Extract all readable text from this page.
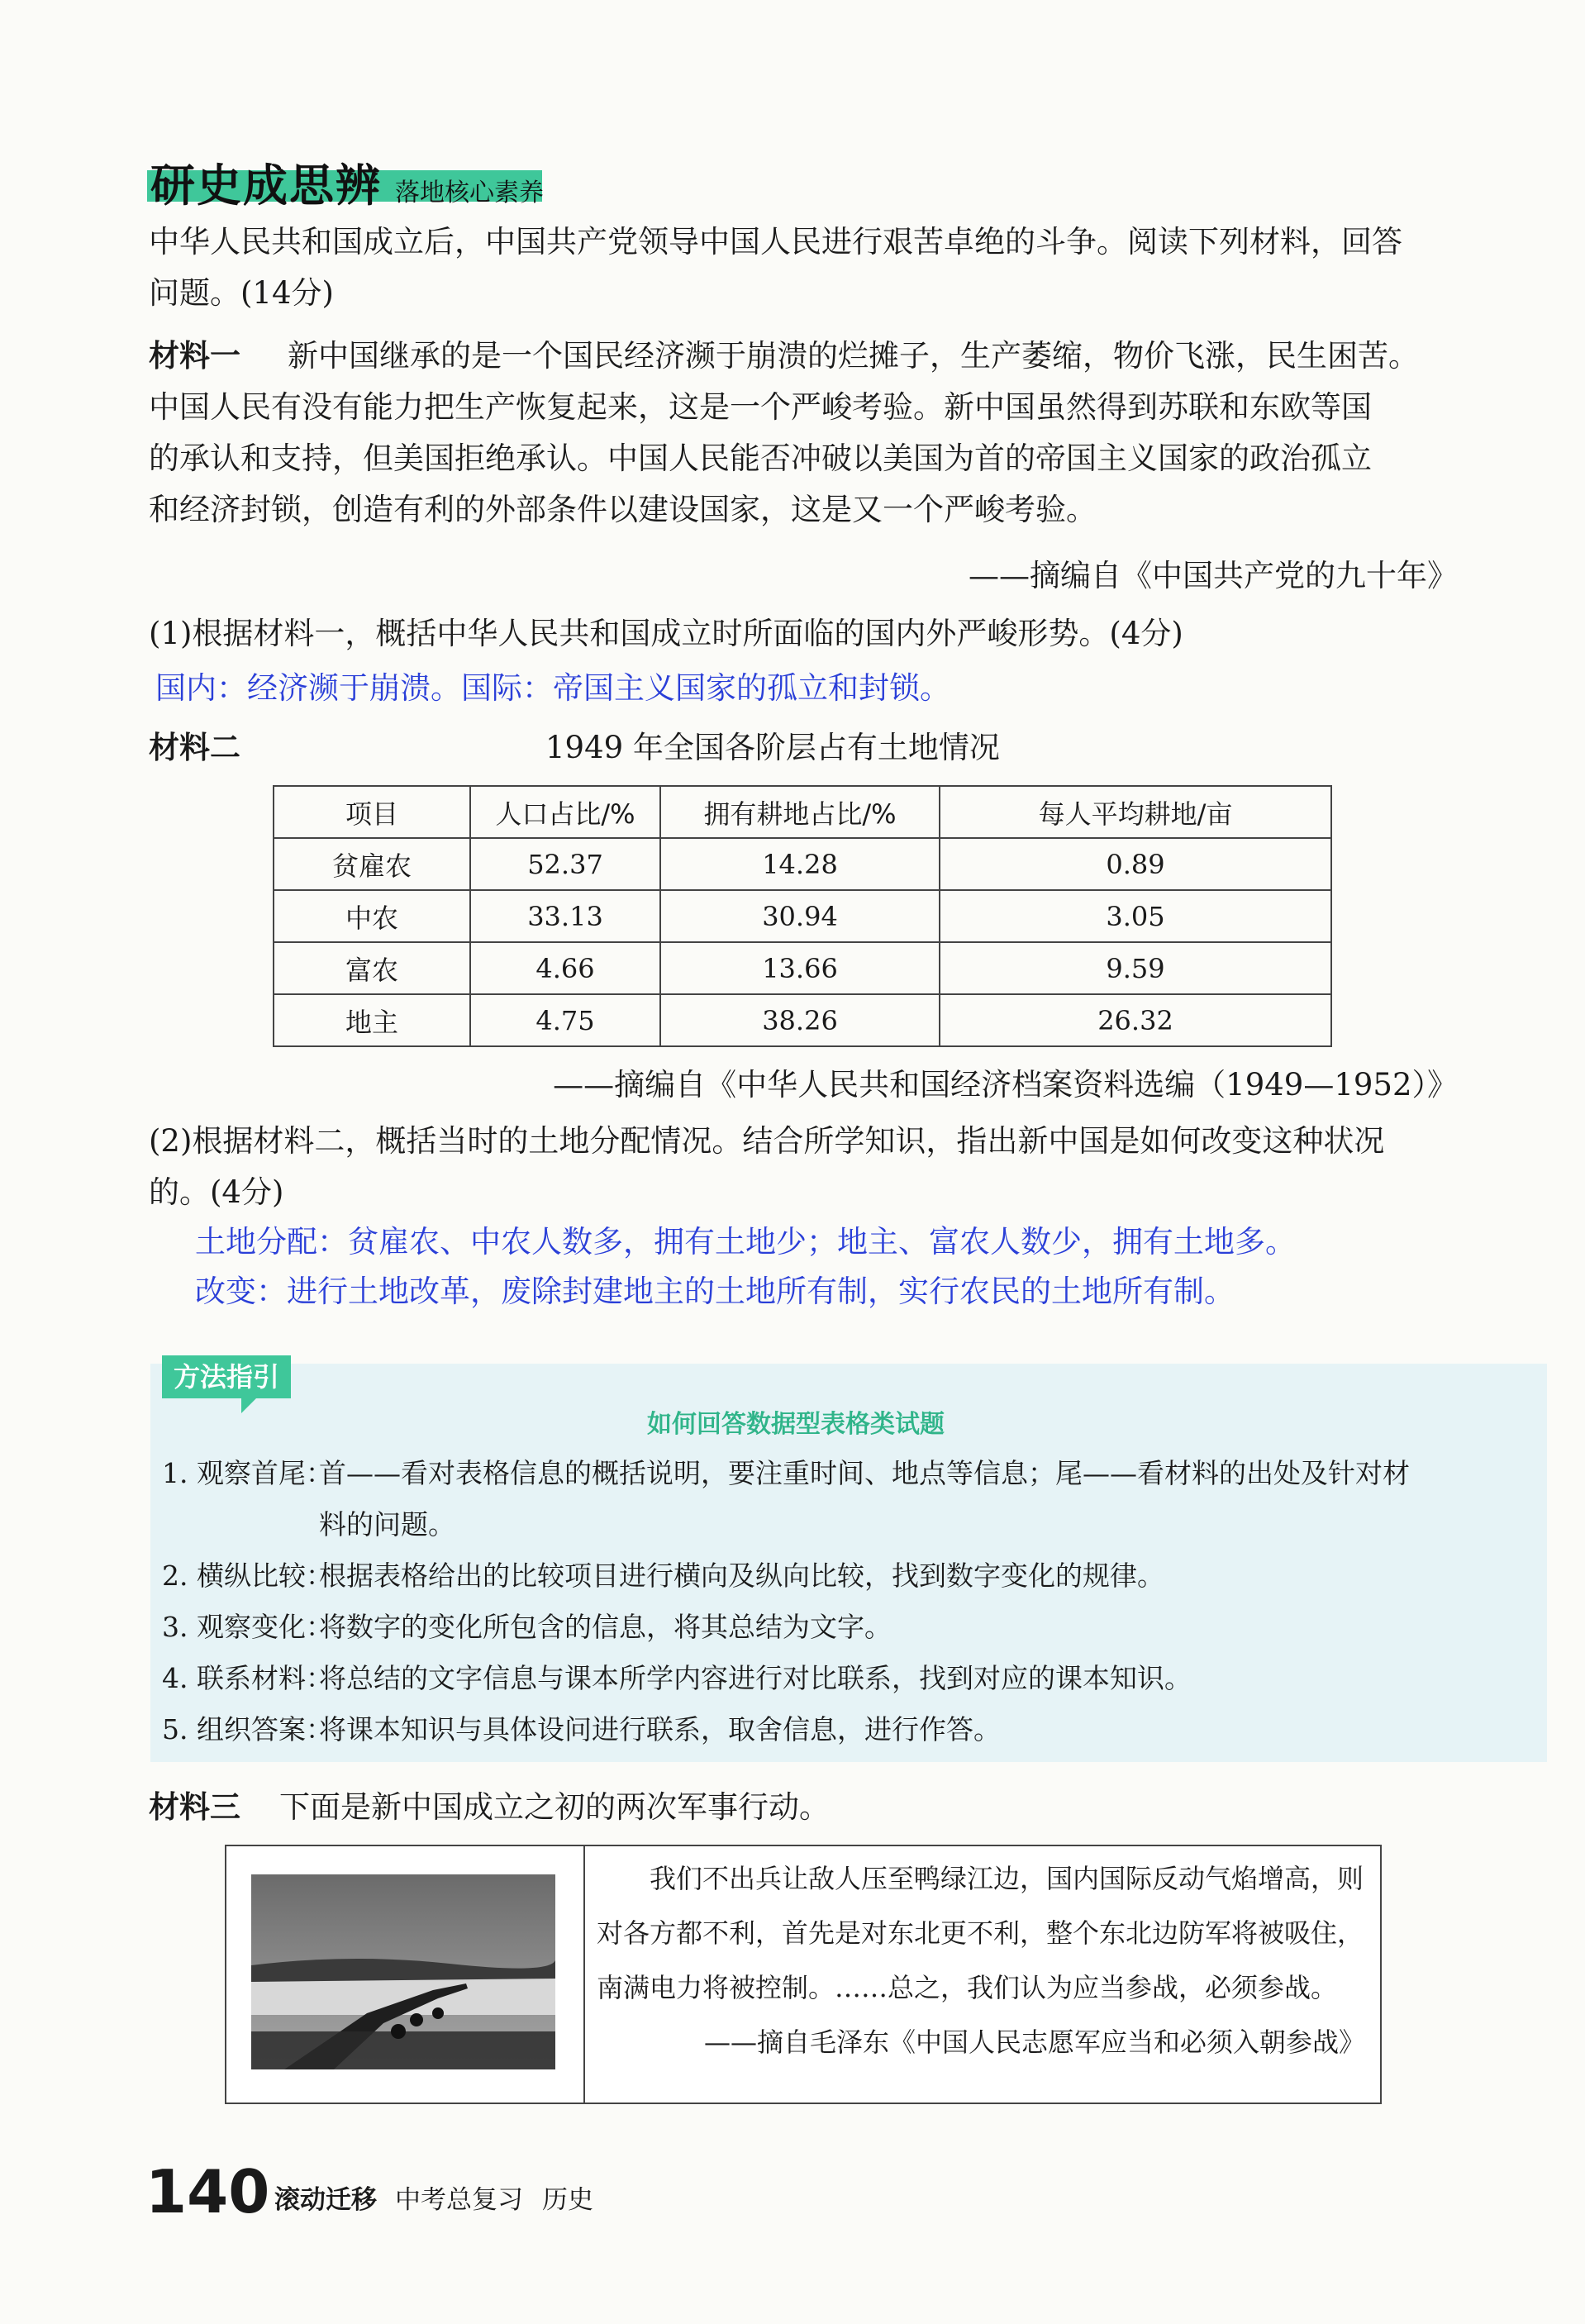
研史成思辨 落地核心素养
中华人民共和国成立后，中国共产党领导中国人民进行艰苦卓绝的斗争。阅读下列材料，回答
问题。(14分)
材料一 新中国继承的是一个国民经济濒于崩溃的烂摊子，生产萎缩，物价飞涨，民生困苦。
中国人民有没有能力把生产恢复起来，这是一个严峻考验。新中国虽然得到苏联和东欧等国
的承认和支持，但美国拒绝承认。中国人民能否冲破以美国为首的帝国主义国家的政治孤立
和经济封锁，创造有利的外部条件以建设国家，这是又一个严峻考验。
——摘编自《中国共产党的九十年》
(1)根据材料一，概括中华人民共和国成立时所面临的国内外严峻形势。(4分)
国内：经济濒于崩溃。国际：帝国主义国家的孤立和封锁。
材料二	1949 年全国各阶层占有土地情况
项目	人口占比/%	拥有耕地占比/%	每人平均耕地/亩
贫雇农	52.37	14.28	0.89
中农	33.13	30.94	3.05
富农	4.66	13.66	9.59
地主	4.75	38.26	26.32
——摘编自《中华人民共和国经济档案资料选编（1949—1952）》
(2)根据材料二，概括当时的土地分配情况。结合所学知识，指出新中国是如何改变这种状况
的。(4分)
土地分配：贫雇农、中农人数多，拥有土地少；地主、富农人数少，拥有土地多。
改变：进行土地改革，废除封建地主的土地所有制，实行农民的土地所有制。
方法指引
如何回答数据型表格类试题
1. 观察首尾：首——看对表格信息的概括说明，要注重时间、地点等信息；尾——看材料的出处及针对材
料的问题。
2. 横纵比较：根据表格给出的比较项目进行横向及纵向比较，找到数字变化的规律。
3. 观察变化：将数字的变化所包含的信息，将其总结为文字。
4. 联系材料：将总结的文字信息与课本所学内容进行对比联系，找到对应的课本知识。
5. 组织答案：将课本知识与具体设问进行联系，取舍信息，进行作答。
材料三 下面是新中国成立之初的两次军事行动。
我们不出兵让敌人压至鸭绿江边，国内国际反动气焰增高，则对各方都不利，首先是对东北更不利，整个东北边防军将被吸住，南满电力将被控制。……总之，我们认为应当参战，必须参战。
——摘自毛泽东《中国人民志愿军应当和必须入朝参战》
140 滚动迁移 中考总复习 历史
